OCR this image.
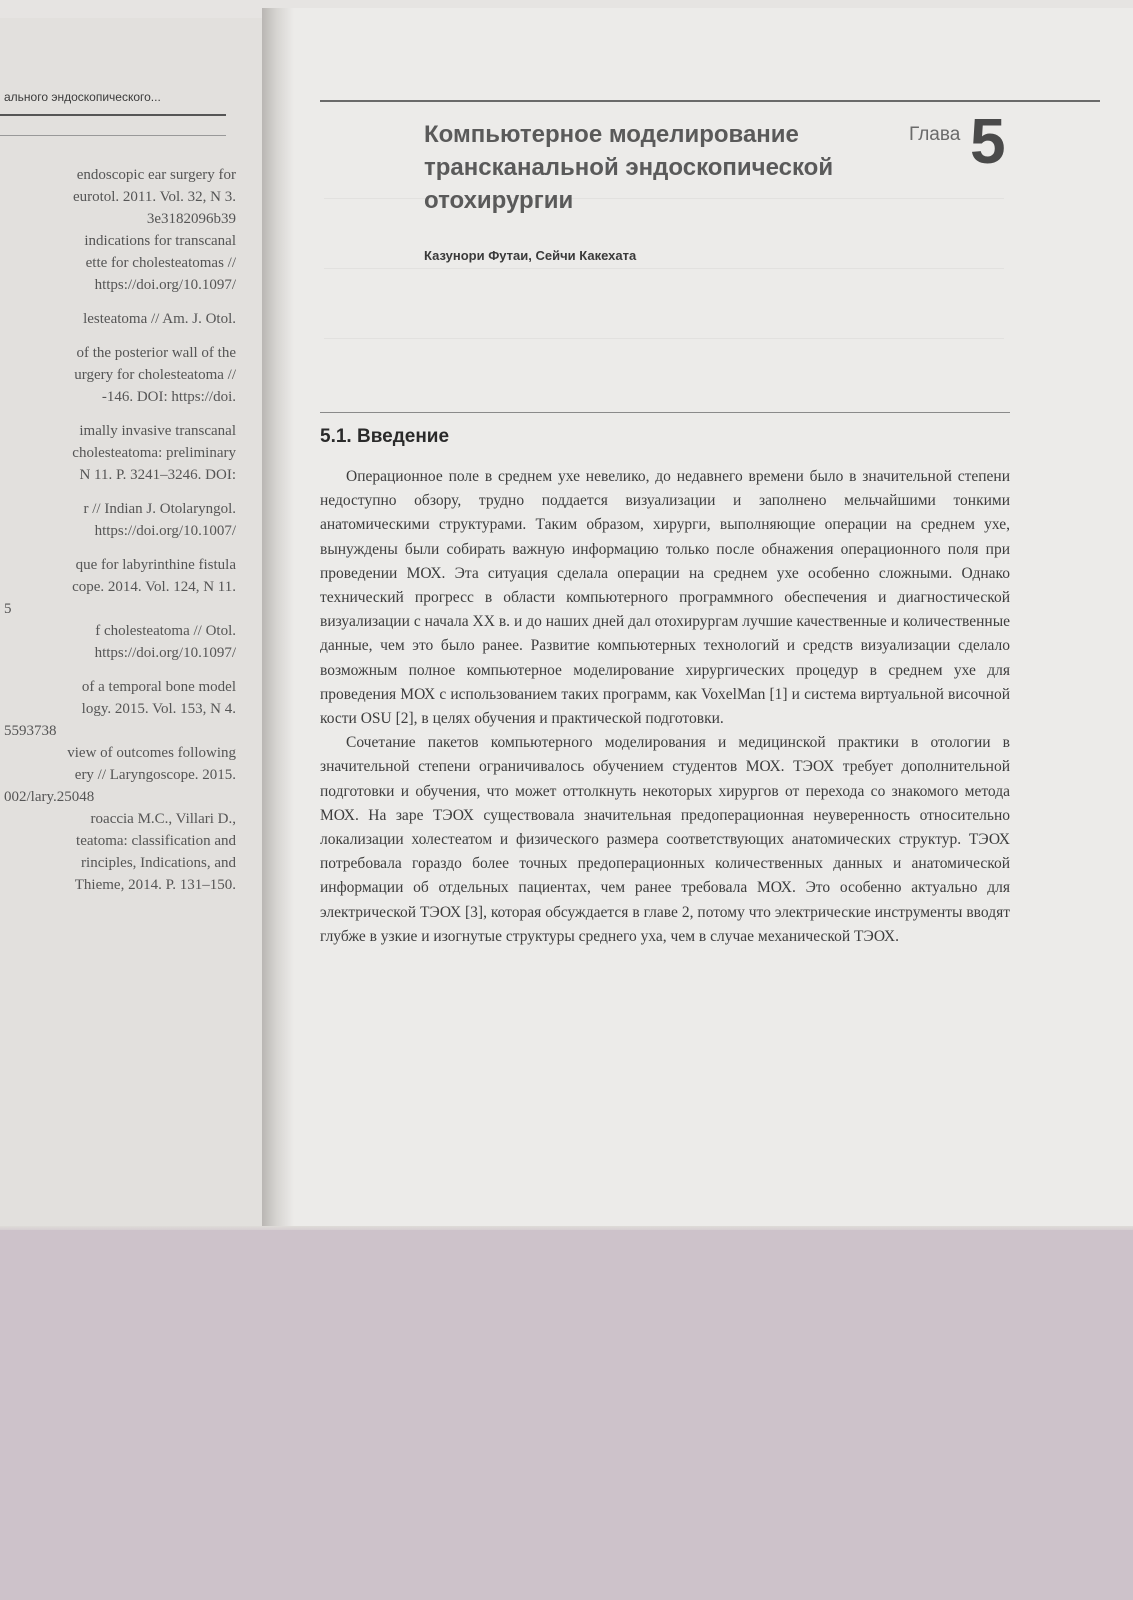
ального эндоскопического...
endoscopic ear surgery for
eurotol. 2011. Vol. 32, N 3.
3e3182096b39
indications for transcanal
ette for cholesteatomas //
https://doi.org/10.1097/
lesteatoma // Am. J. Otol.
of the posterior wall of the
urgery for cholesteatoma //
-146. DOI: https://doi.
imally invasive transcanal
cholesteatoma: preliminary
N 11. P. 3241–3246. DOI:
r // Indian J. Otolaryngol.
https://doi.org/10.1007/
que for labyrinthine fistula
cope. 2014. Vol. 124, N 11.
5
f cholesteatoma // Otol.
https://doi.org/10.1097/
of a temporal bone model
logy. 2015. Vol. 153, N 4.
5593738
view of outcomes following
ery // Laryngoscope. 2015.
002/lary.25048
roaccia M.C., Villari D.,
teatoma: classification and
rinciples, Indications, and
Thieme, 2014. P. 131–150.
Компьютерное моделирование трансканальной эндоскопической отохирургии
Глава 5
Казунори Футаи, Сейчи Какехата
5.1. Введение

Операционное поле в среднем ухе невелико, до недавнего времени было в значительной степени недоступно обзору, трудно поддается визуализации и заполнено мельчайшими тонкими анатомическими структурами. Таким образом, хирурги, выполняющие операции на среднем ухе, вынуждены были собирать важную информацию только после обнажения операционного поля при проведении МОХ. Эта ситуация сделала операции на среднем ухе особенно сложными. Однако технический прогресс в области компьютерного программного обеспечения и диагностической визуализации с начала XX в. и до наших дней дал отохирургам лучшие качественные и количественные данные, чем это было ранее. Развитие компьютерных технологий и средств визуализации сделало возможным полное компьютерное моделирование хирургических процедур в среднем ухе для проведения МОХ с использованием таких программ, как VoxelMan [1] и система виртуальной височной кости OSU [2], в целях обучения и практической подготовки.

Сочетание пакетов компьютерного моделирования и медицинской практики в отологии в значительной степени ограничивалось обучением студентов МОХ. ТЭОХ требует дополнительной подготовки и обучения, что может оттолкнуть некоторых хирургов от перехода со знакомого метода МОХ. На заре ТЭОХ существовала значительная предоперационная неуверенность относительно локализации холестеатом и физического размера соответствующих анатомических структур. ТЭОХ потребовала гораздо более точных предоперационных количественных данных и анатомической информации об отдельных пациентах, чем ранее требовала МОХ. Это особенно актуально для электрической ТЭОХ [3], которая обсуждается в главе 2, потому что электрические инструменты вводят глубже в узкие и изогнутые структуры среднего уха, чем в случае механической ТЭОХ.
